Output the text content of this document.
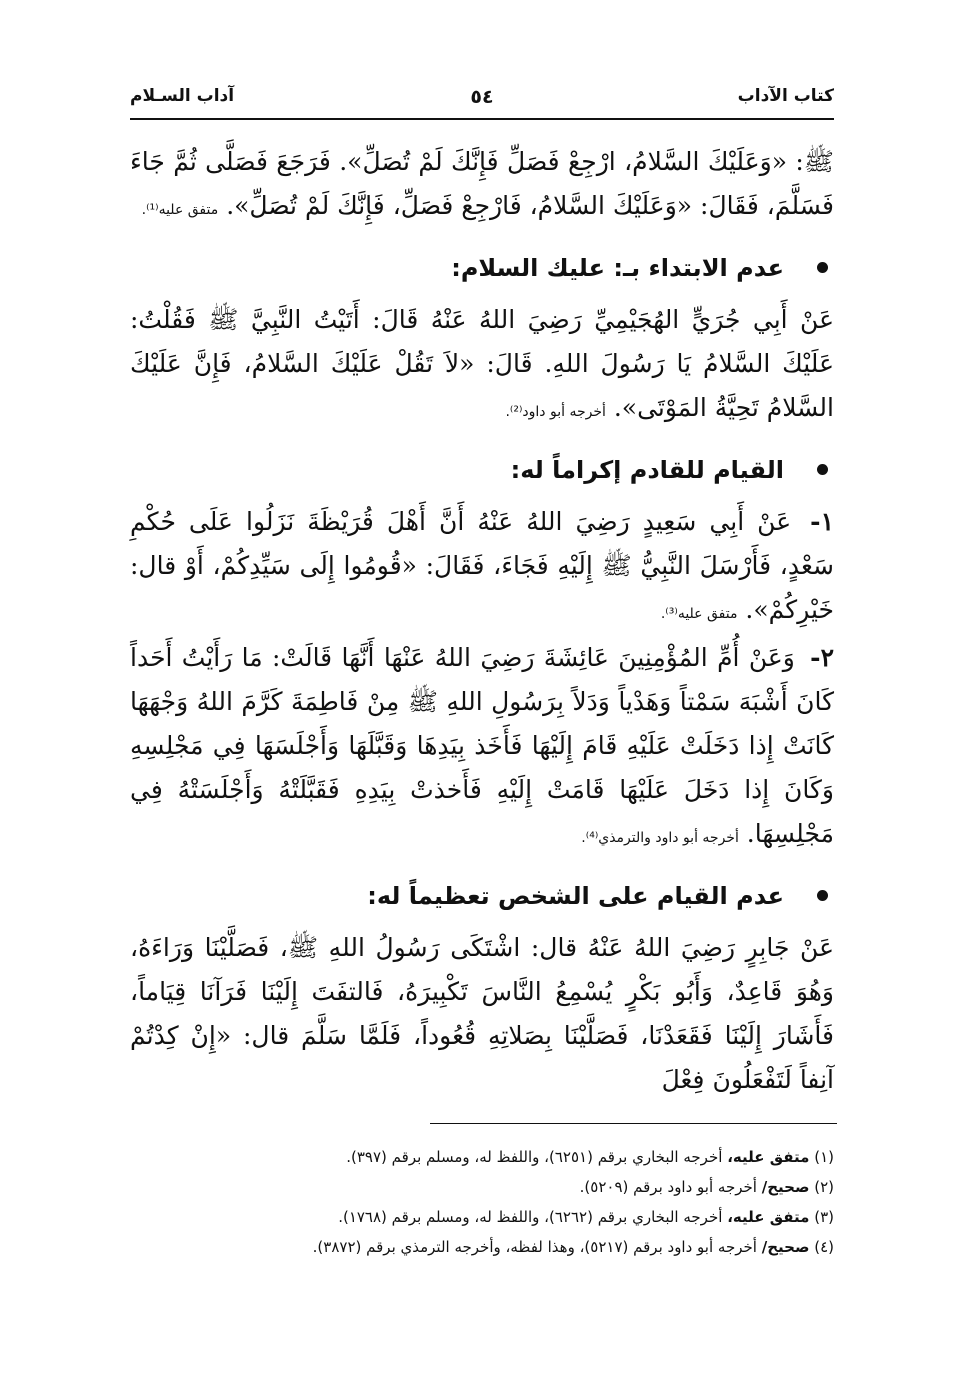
كتاب الآداب
٥٤
آداب السـلام

ﷺ: «وَعَلَيْكَ السَّلامُ، ارْجِعْ فَصَلِّ فَإِنَّكَ لَمْ تُصَلِّ». فَرَجَعَ فَصَلَّى ثُمَّ جَاءَ فَسَلَّمَ، فَقَالَ: «وَعَلَيْكَ السَّلامُ، فَارْجِعْ فَصَلِّ، فَإِنَّكَ لَمْ تُصَلِّ». متفق عليه⁽¹⁾.

عدم الابتداء بـ: عليك السلام:

عَنْ أَبِي جُرَيٍّ الهُجَيْمِيِّ رَضِيَ اللهُ عَنْهُ قَالَ: أَتَيْتُ النَّبِيَّ ﷺ فَقُلْتُ: عَلَيْكَ السَّلامُ يَا رَسُولَ اللهِ. قَالَ: «لاَ تَقُلْ عَلَيْكَ السَّلامُ، فَإِنَّ عَلَيْكَ السَّلامُ تَحِيَّةُ المَوْتَى». أخرجه أبو داود⁽²⁾.

القيام للقادم إكراماً له:

١- عَنْ أَبِي سَعِيدٍ رَضِيَ اللهُ عَنْهُ أَنَّ أَهْلَ قُرَيْظَةَ نَزَلُوا عَلَى حُكْمِ سَعْدٍ، فَأَرْسَلَ النَّبِيُّ ﷺ إِلَيْهِ فَجَاءَ، فَقَالَ: «قُومُوا إِلَى سَيِّدِكُمْ، أَوْ قال: خَيْرِكُمْ». متفق عليه⁽³⁾.

٢- وَعَنْ أُمِّ المُؤْمِنِينَ عَائِشَةَ رَضِيَ اللهُ عَنْهَا أَنَّهَا قَالَتْ: مَا رَأَيْتُ أَحَداً كَانَ أَشْبَهَ سَمْتاً وَهَدْياً وَدَلاً بِرَسُولِ اللهِ ﷺ مِنْ فَاطِمَةَ كَرَّمَ اللهُ وَجْهَهَا كَانَتْ إِذا دَخَلَتْ عَلَيْهِ قَامَ إِلَيْهَا فَأَخَذ بِيَدِهَا وَقَبَّلَهَا وَأَجْلَسَهَا فِي مَجْلِسِهِ وَكَانَ إِذا دَخَلَ عَلَيْهَا قَامَتْ إِلَيْهِ فَأَخذتْ بِيَدِهِ فَقَبَّلَتْهُ وَأَجْلَسَتْهُ فِي مَجْلِسِهَا. أخرجه أبو داود والترمذي⁽⁴⁾.

عدم القيام على الشخص تعظيماً له:

عَنْ جَابِرٍ رَضِيَ اللهُ عَنْهُ قال: اشْتَكَى رَسُولُ اللهِ ﷺ، فَصَلَّيْنَا وَرَاءَهُ، وَهُوَ قَاعِدٌ، وَأَبُو بَكْرٍ يُسْمِعُ النَّاسَ تَكْبِيرَهُ، فَالتفَتَ إِلَيْنَا فَرَآنَا قِيَاماً، فَأَشَارَ إِلَيْنَا فَقَعَدْنَا، فَصَلَّيْنَا بِصَلاتِهِ قُعُوداً، فَلَمَّا سَلَّمَ قال: «إِنْ كِدْتُمْ آنِفاً لَتَفْعَلُونَ فِعْلَ

(١) متفق عليه، أخرجه البخاري برقم (٦٢٥١)، واللفظ له، ومسلم برقم (٣٩٧).

(٢) صحيح/ أخرجه أبو داود برقم (٥٢٠٩).

(٣) متفق عليه، أخرجه البخاري برقم (٦٢٦٢)، واللفظ له، ومسلم برقم (١٧٦٨).

(٤) صحيح/ أخرجه أبو داود برقم (٥٢١٧)، وهذا لفظه، وأخرجه الترمذي برقم (٣٨٧٢).
